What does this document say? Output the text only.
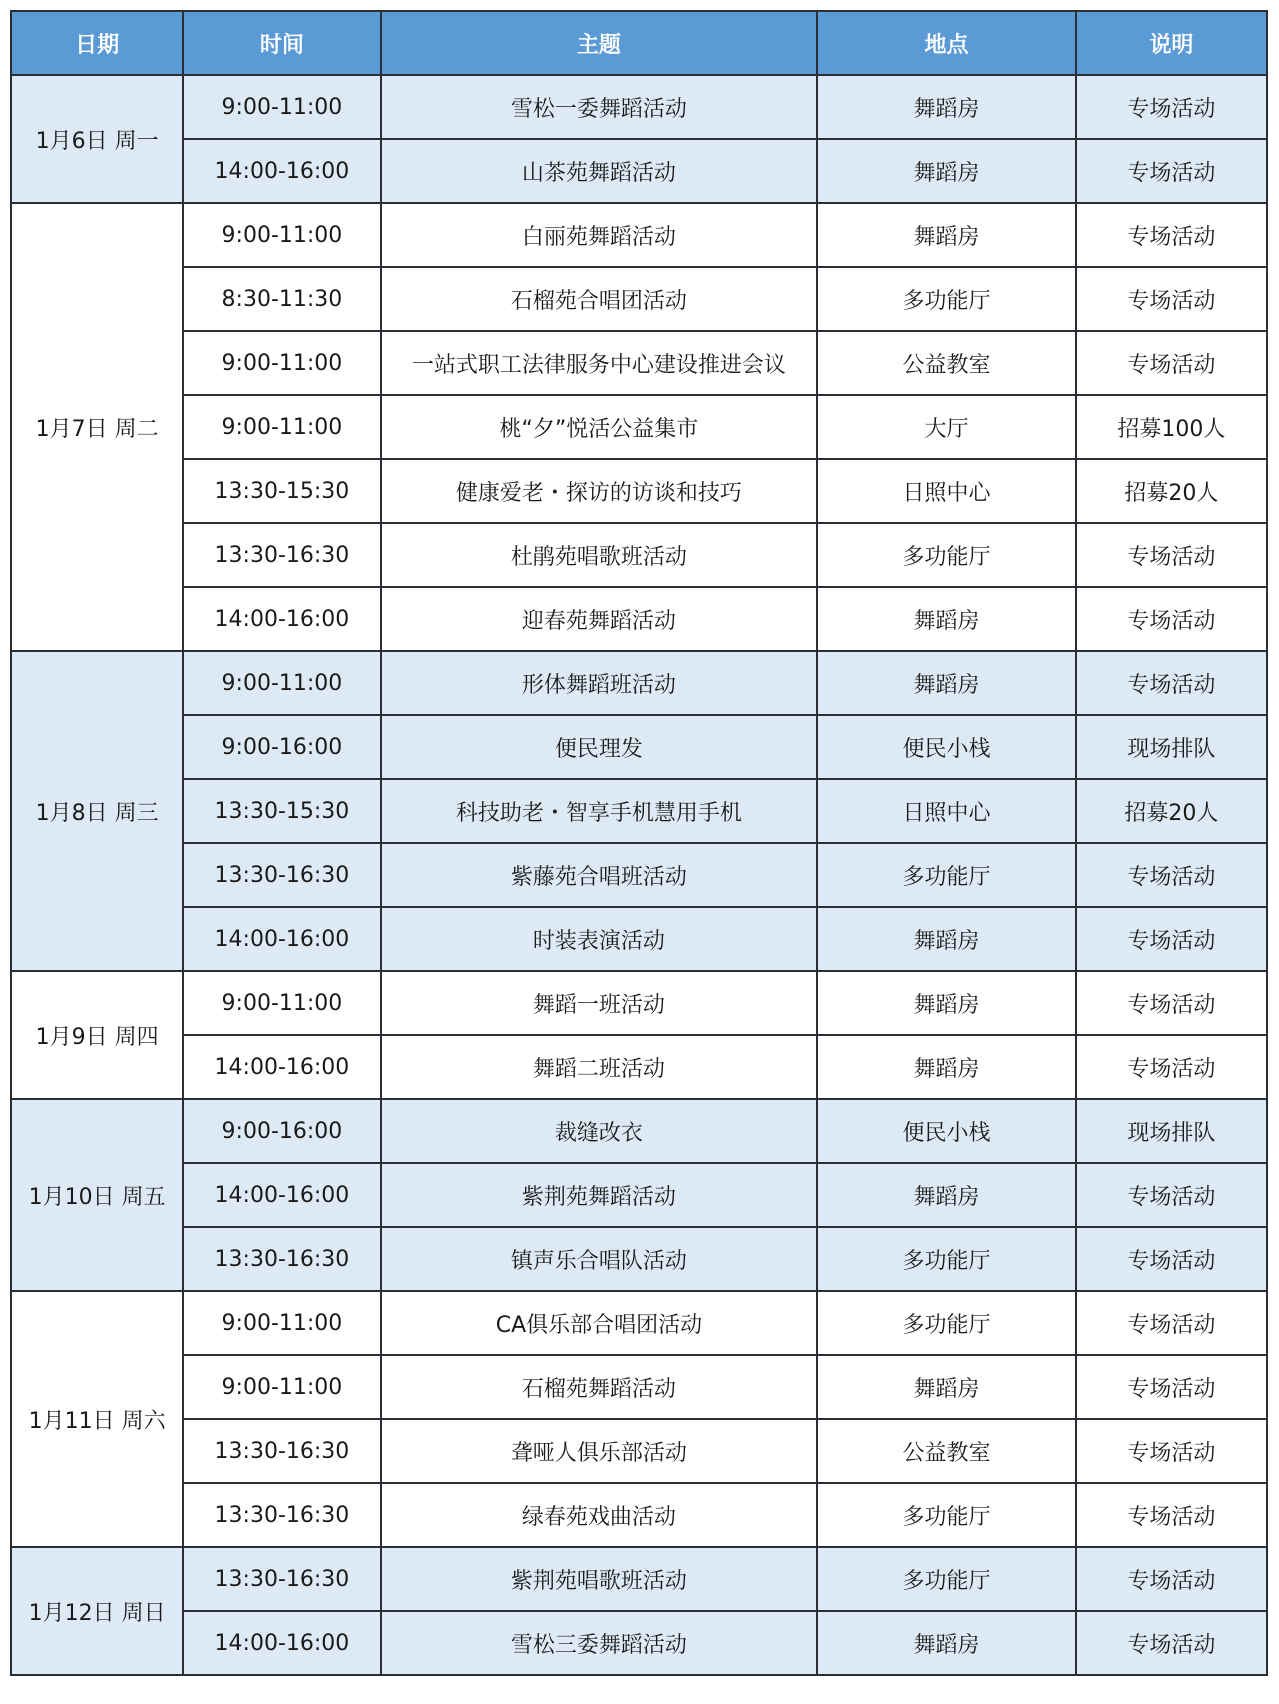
日期	时间	主题	地点	说明
1月6日 周一	9:00-11:00	雪松一委舞蹈活动	舞蹈房	专场活动
	14:00-16:00	山茶苑舞蹈活动	舞蹈房	专场活动
1月7日 周二	9:00-11:00	白丽苑舞蹈活动	舞蹈房	专场活动
	8:30-11:30	石榴苑合唱团活动	多功能厅	专场活动
	9:00-11:00	一站式职工法律服务中心建设推进会议	公益教室	专场活动
	9:00-11:00	桃“夕”悦活公益集市	大厅	招募100人
	13:30-15:30	健康爱老・探访的访谈和技巧	日照中心	招募20人
	13:30-16:30	杜鹃苑唱歌班活动	多功能厅	专场活动
	14:00-16:00	迎春苑舞蹈活动	舞蹈房	专场活动
1月8日 周三	9:00-11:00	形体舞蹈班活动	舞蹈房	专场活动
	9:00-16:00	便民理发	便民小栈	现场排队
	13:30-15:30	科技助老・智享手机慧用手机	日照中心	招募20人
	13:30-16:30	紫藤苑合唱班活动	多功能厅	专场活动
	14:00-16:00	时装表演活动	舞蹈房	专场活动
1月9日 周四	9:00-11:00	舞蹈一班活动	舞蹈房	专场活动
	14:00-16:00	舞蹈二班活动	舞蹈房	专场活动
1月10日 周五	9:00-16:00	裁缝改衣	便民小栈	现场排队
	14:00-16:00	紫荆苑舞蹈活动	舞蹈房	专场活动
	13:30-16:30	镇声乐合唱队活动	多功能厅	专场活动
1月11日 周六	9:00-11:00	CA俱乐部合唱团活动	多功能厅	专场活动
	9:00-11:00	石榴苑舞蹈活动	舞蹈房	专场活动
	13:30-16:30	聋哑人俱乐部活动	公益教室	专场活动
	13:30-16:30	绿春苑戏曲活动	多功能厅	专场活动
1月12日 周日	13:30-16:30	紫荆苑唱歌班活动	多功能厅	专场活动
	14:00-16:00	雪松三委舞蹈活动	舞蹈房	专场活动
